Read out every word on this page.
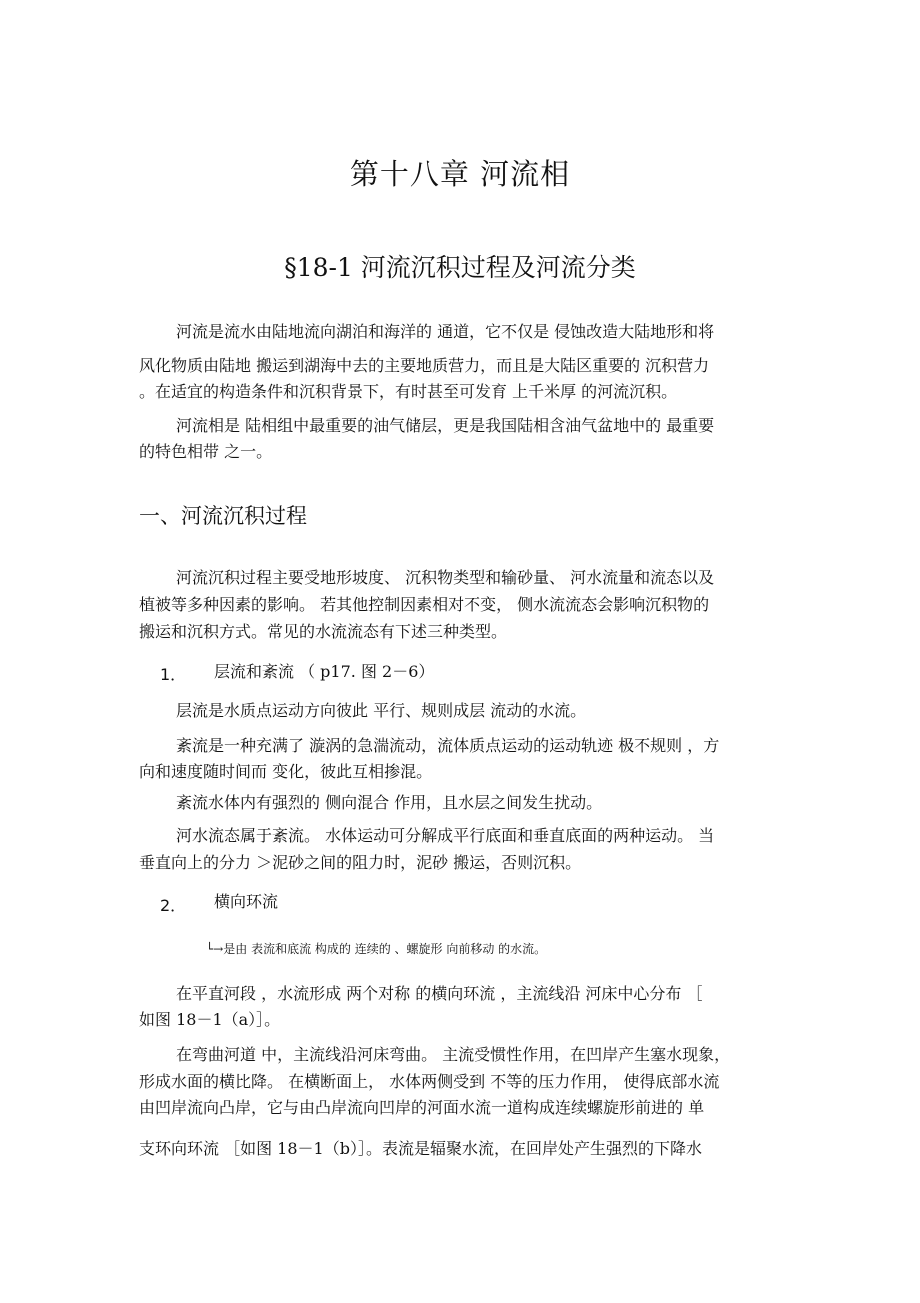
第十八章 河流相
§18-1 河流沉积过程及河流分类

河流是流水由陆地流向湖泊和海洋的 通道，它不仅是 侵蚀改造大陆地形和将

风化物质由陆地 搬运到湖海中去的主要地质营力，而且是大陆区重要的 沉积营力

。在适宜的构造条件和沉积背景下，有时甚至可发育 上千米厚 的河流沉积。

河流相是 陆相组中最重要的油气储层，更是我国陆相含油气盆地中的 最重要

的特色相带 之一。

一、河流沉积过程

河流沉积过程主要受地形坡度、 沉积物类型和输砂量、 河水流量和流态以及

植被等多种因素的影响。 若其他控制因素相对不变， 侧水流流态会影响沉积物的

搬运和沉积方式。常见的水流流态有下述三种类型。

1． 层流和紊流 （ p17. 图 2－6）

层流是水质点运动方向彼此 平行、规则成层 流动的水流。

紊流是一种充满了 漩涡的急湍流动，流体质点运动的运动轨迹 极不规则 ，方

向和速度随时间而 变化，彼此互相掺混。

紊流水体内有强烈的 侧向混合 作用，且水层之间发生扰动。

河水流态属于紊流。 水体运动可分解成平行底面和垂直底面的两种运动。 当

垂直向上的分力 ＞泥砂之间的阻力时，泥砂 搬运，否则沉积。

2． 横向环流

└→是由 表流和底流 构成的 连续的 、螺旋形 向前移动 的水流。

在平直河段 ，水流形成 两个对称 的横向环流 ，主流线沿 河床中心分布 ［

如图 18－1（a）］。

在弯曲河道 中，主流线沿河床弯曲。 主流受惯性作用，在凹岸产生塞水现象，

形成水面的横比降。 在横断面上， 水体两侧受到 不等的压力作用， 使得底部水流

由凹岸流向凸岸，它与由凸岸流向凹岸的河面水流一道构成连续螺旋形前进的 单

支环向环流 ［如图 18－1（b）］。表流是辐聚水流，在回岸处产生强烈的下降水
